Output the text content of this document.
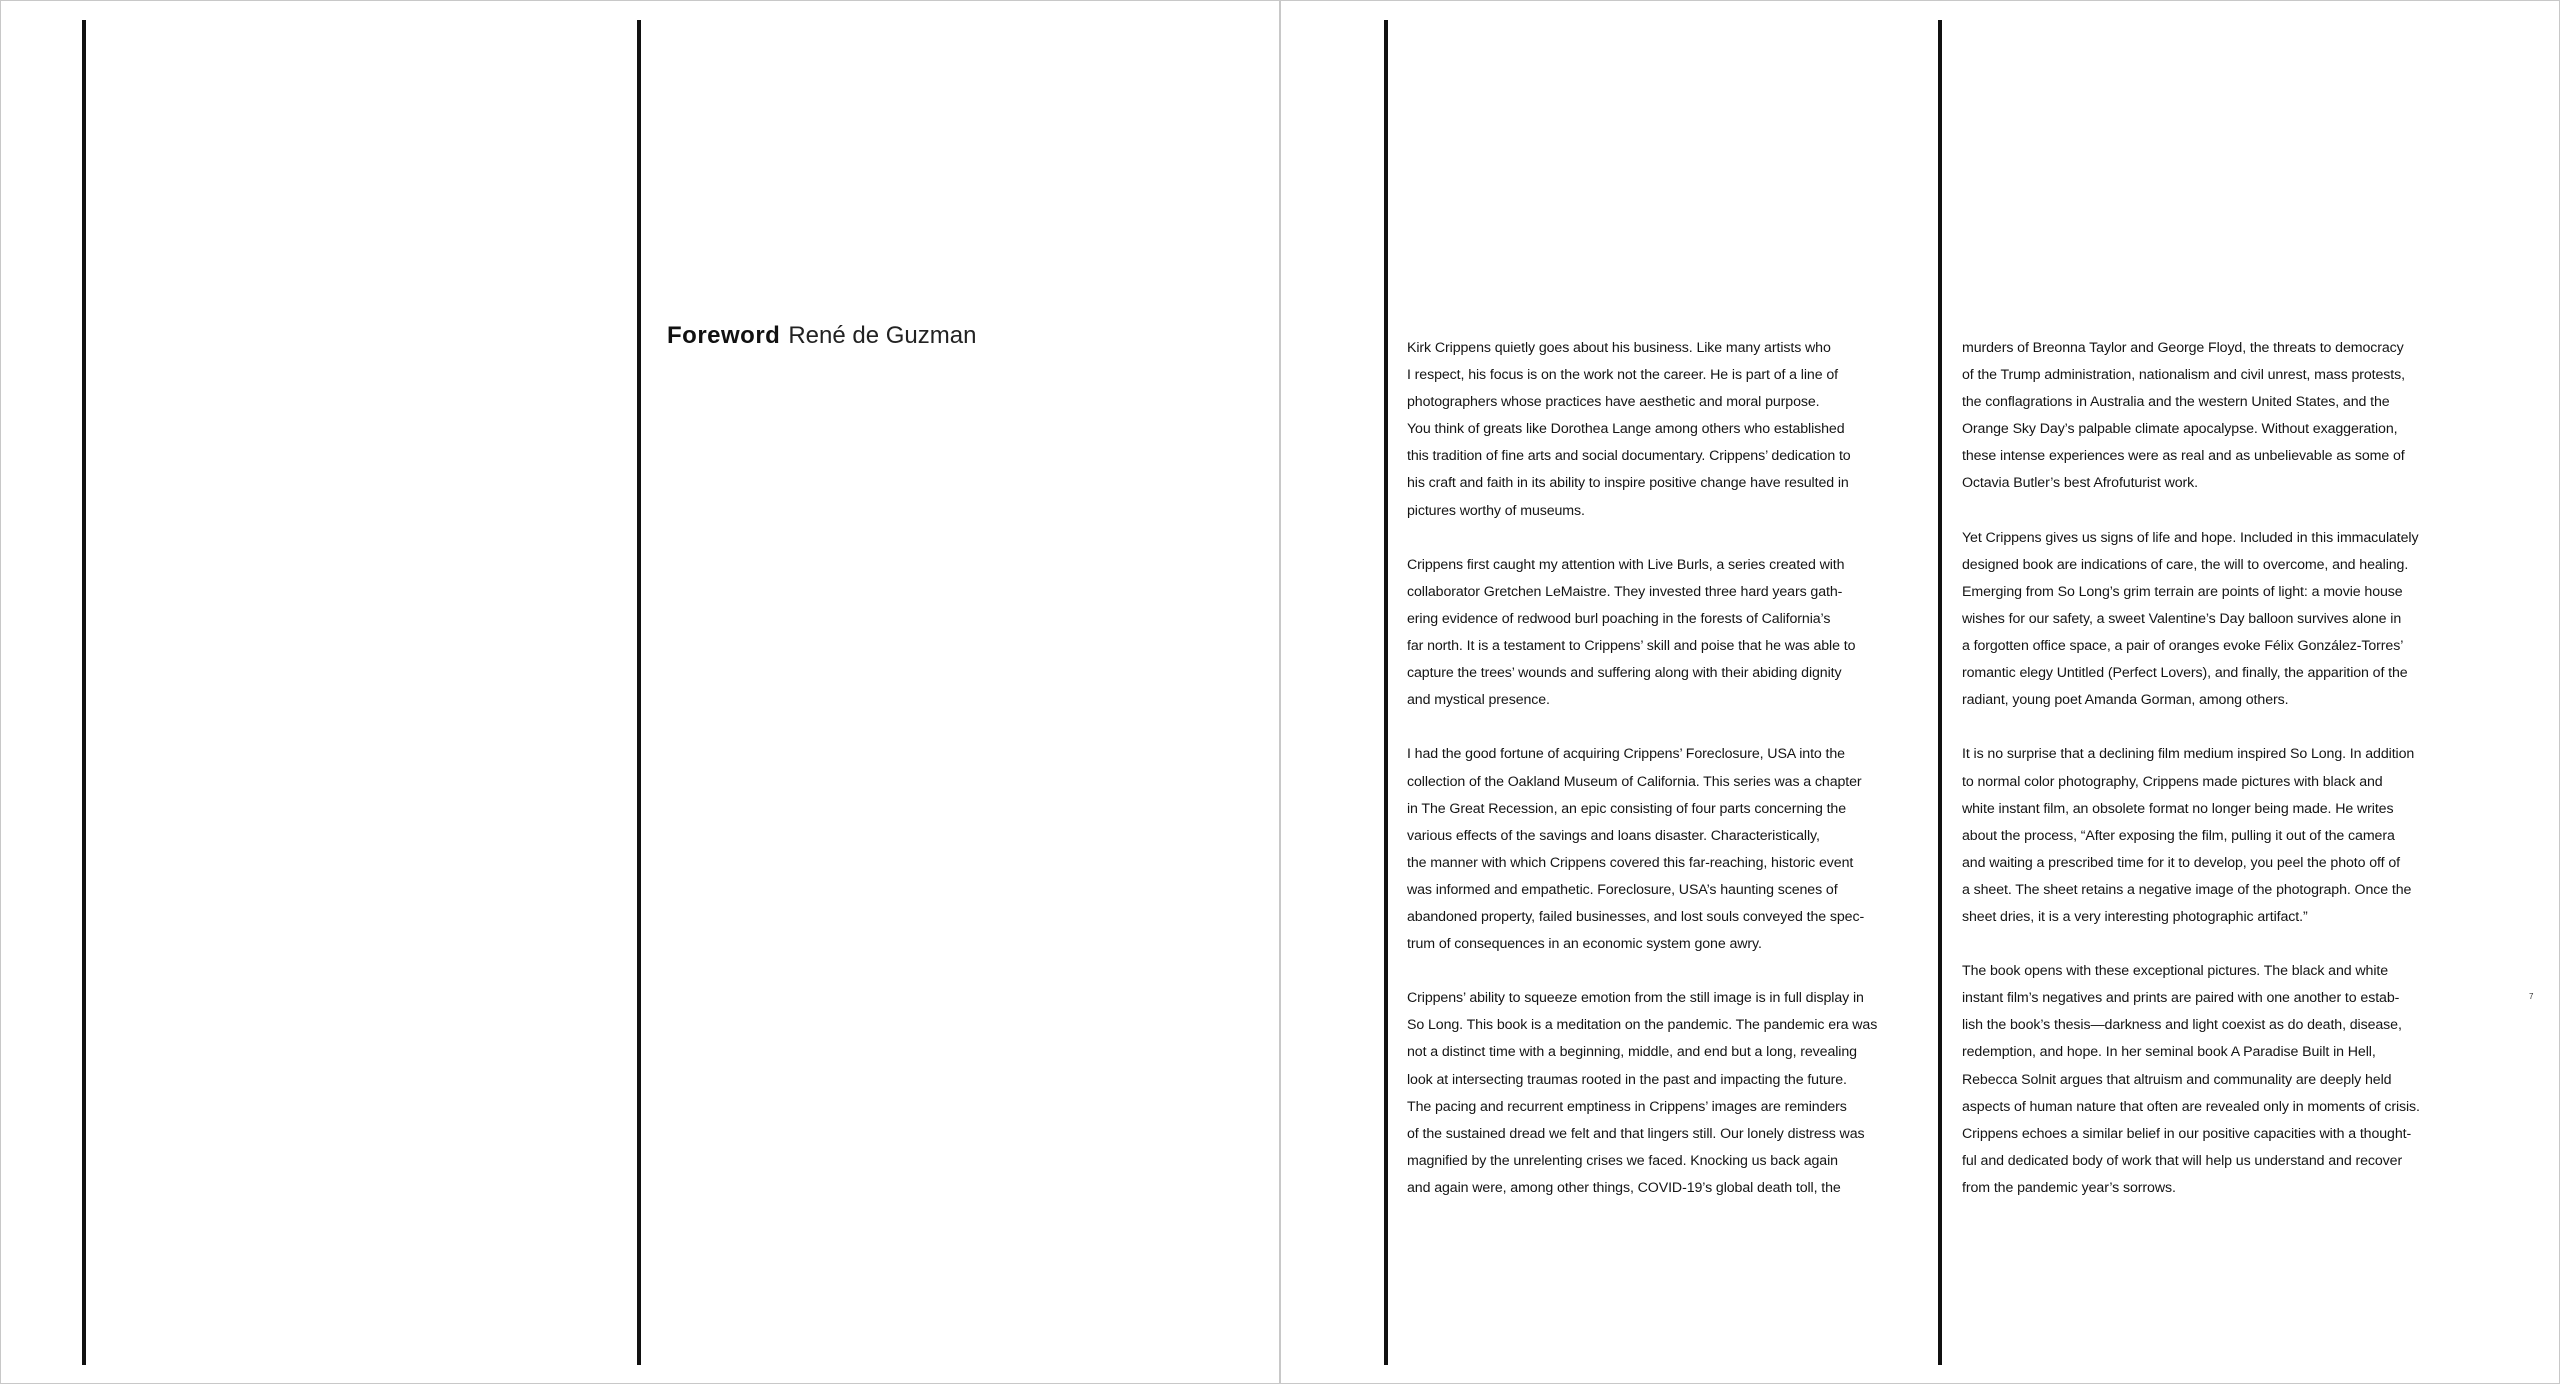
Foreword René de Guzman	Kirk Crippens quietly goes about his business. Like many artists who
I respect, his focus is on the work not the career. He is part of a line of
photographers whose practices have aesthetic and moral purpose.
You think of greats like Dorothea Lange among others who established
this tradition of fine arts and social documentary. Crippens’ dedication to
his craft and faith in its ability to inspire positive change have resulted in
pictures worthy of museums.

Crippens first caught my attention with Live Burls, a series created with
collaborator Gretchen LeMaistre. They invested three hard years gath-
ering evidence of redwood burl poaching in the forests of California’s
far north. It is a testament to Crippens’ skill and poise that he was able to
capture the trees’ wounds and suffering along with their abiding dignity
and mystical presence.

I had the good fortune of acquiring Crippens’ Foreclosure, USA into the
collection of the Oakland Museum of California. This series was a chapter
in The Great Recession, an epic consisting of four parts concerning the
various effects of the savings and loans disaster. Characteristically,
the manner with which Crippens covered this far-reaching, historic event
was informed and empathetic. Foreclosure, USA’s haunting scenes of
abandoned property, failed businesses, and lost souls conveyed the spec-
trum of consequences in an economic system gone awry.

Crippens’ ability to squeeze emotion from the still image is in full display in
So Long. This book is a meditation on the pandemic. The pandemic era was
not a distinct time with a beginning, middle, and end but a long, revealing
look at intersecting traumas rooted in the past and impacting the future.
The pacing and recurrent emptiness in Crippens’ images are reminders
of the sustained dread we felt and that lingers still. Our lonely distress was
magnified by the unrelenting crises we faced. Knocking us back again
and again were, among other things, COVID-19’s global death toll, the

murders of Breonna Taylor and George Floyd, the threats to democracy
of the Trump administration, nationalism and civil unrest, mass protests,
the conflagrations in Australia and the western United States, and the
Orange Sky Day’s palpable climate apocalypse. Without exaggeration,
these intense experiences were as real and as unbelievable as some of
Octavia Butler’s best Afrofuturist work.

Yet Crippens gives us signs of life and hope. Included in this immaculately
designed book are indications of care, the will to overcome, and healing.
Emerging from So Long’s grim terrain are points of light: a movie house
wishes for our safety, a sweet Valentine’s Day balloon survives alone in
a forgotten office space, a pair of oranges evoke Félix González-Torres’
romantic elegy Untitled (Perfect Lovers), and finally, the apparition of the
radiant, young poet Amanda Gorman, among others.

It is no surprise that a declining film medium inspired So Long. In addition
to normal color photography, Crippens made pictures with black and
white instant film, an obsolete format no longer being made. He writes
about the process, “After exposing the film, pulling it out of the camera
and waiting a prescribed time for it to develop, you peel the photo off of
a sheet. The sheet retains a negative image of the photograph. Once the
sheet dries, it is a very interesting photographic artifact.”

The book opens with these exceptional pictures. The black and white
instant film’s negatives and prints are paired with one another to estab-
lish the book’s thesis—darkness and light coexist as do death, disease,
redemption, and hope. In her seminal book A Paradise Built in Hell,
Rebecca Solnit argues that altruism and communality are deeply held
aspects of human nature that often are revealed only in moments of crisis.
Crippens echoes a similar belief in our positive capacities with a thought-
ful and dedicated body of work that will help us understand and recover
from the pandemic year’s sorrows.

7
